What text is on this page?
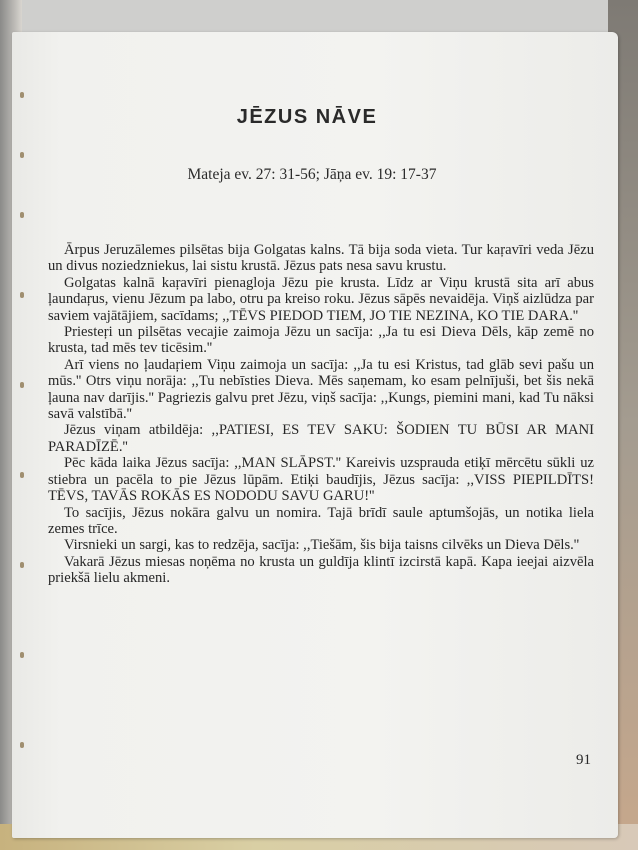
JĒZUS NĀVE
Mateja ev. 27: 31-56; Jāņa ev. 19: 17-37

Ārpus Jeruzālemes pilsētas bija Golgatas kalns. Tā bija soda vieta. Tur kaŗavīri veda Jēzu un divus noziedzniekus, lai sistu krustā. Jēzus pats nesa savu krustu.

Golgatas kalnā kaŗavīri pienagloja Jēzu pie krusta. Līdz ar Viņu krustā sita arī abus ļaundaŗus, vienu Jēzum pa labo, otru pa kreiso roku. Jēzus sāpēs nevaidēja. Viņš aizlūdza par saviem vajātājiem, sacīdams; ,,TĒVS PIEDOD TIEM, JO TIE NEZINA, KO TIE DARA.''

Priesteŗi un pilsētas vecajie zaimoja Jēzu un sacīja: ,,Ja tu esi Dieva Dēls, kāp zemē no krusta, tad mēs tev ticēsim.''

Arī viens no ļaudaŗiem Viņu zaimoja un sacīja: ,,Ja tu esi Kristus, tad glāb sevi pašu un mūs.'' Otrs viņu norāja: ,,Tu nebīsties Dieva. Mēs saņemam, ko esam pelnījuši, bet šis nekā ļauna nav darījis.'' Pagriezis galvu pret Jēzu, viņš sacīja: ,,Kungs, piemini mani, kad Tu nāksi savā valstībā.''

Jēzus viņam atbildēja: ,,PATIESI, ES TEV SAKU: ŠODIEN TU BŪSI AR MANI PARADĪZĒ.''

Pēc kāda laika Jēzus sacīja: ,,MAN SLĀPST.'' Kareivis uzsprauda etiķī mērcētu sūkli uz stiebra un pacēla to pie Jēzus lūpām. Etiķi baudījis, Jēzus sacīja: ,,VISS PIEPILDĪTS! TĒVS, TAVĀS ROKĀS ES NODODU SAVU GARU!''

To sacījis, Jēzus nokāra galvu un nomira. Tajā brīdī saule aptumšojās, un notika liela zemes trīce.

Virsnieki un sargi, kas to redzēja, sacīja: ,,Tiešām, šis bija taisns cilvēks un Dieva Dēls.''

Vakarā Jēzus miesas noņēma no krusta un guldīja klintī izcirstā kapā. Kapa ieejai aizvēla priekšā lielu akmeni.

91
